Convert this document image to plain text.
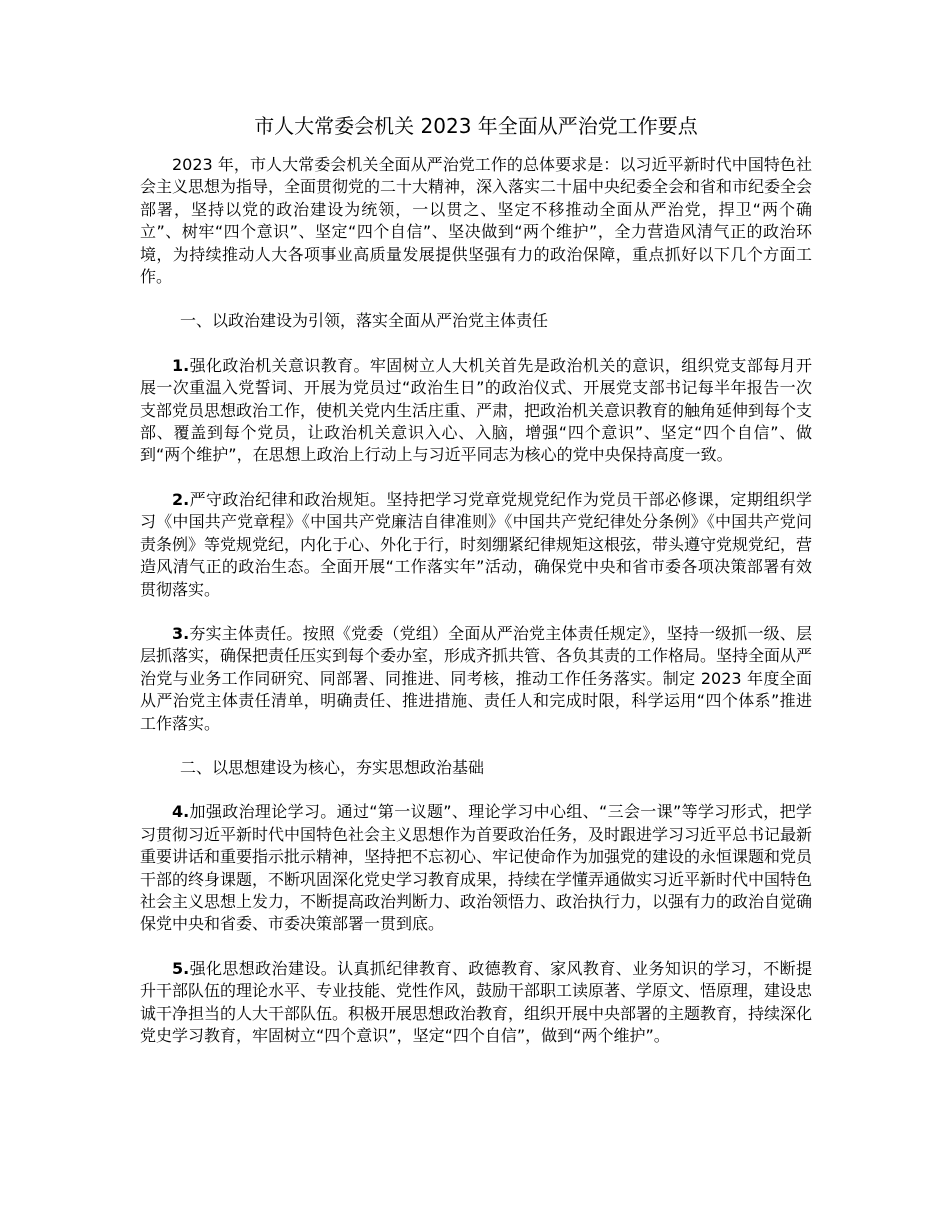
市人大常委会机关 2023 年全面从严治党工作要点

2023 年，市人大常委会机关全面从严治党工作的总体要求是：以习近平新时代中国特色社会主义思想为指导，全面贯彻党的二十大精神，深入落实二十届中央纪委全会和省和市纪委全会部署，坚持以党的政治建设为统领，一以贯之、坚定不移推动全面从严治党，捍卫“两个确立”、树牢“四个意识”、坚定“四个自信”、坚决做到“两个维护”，全力营造风清气正的政治环境，为持续推动人大各项事业高质量发展提供坚强有力的政治保障，重点抓好以下几个方面工作。

一、以政治建设为引领，落实全面从严治党主体责任

1.强化政治机关意识教育。牢固树立人大机关首先是政治机关的意识，组织党支部每月开展一次重温入党誓词、开展为党员过“政治生日”的政治仪式、开展党支部书记每半年报告一次支部党员思想政治工作，使机关党内生活庄重、严肃，把政治机关意识教育的触角延伸到每个支部、覆盖到每个党员，让政治机关意识入心、入脑，增强“四个意识”、坚定“四个自信”、做到“两个维护”，在思想上政治上行动上与习近平同志为核心的党中央保持高度一致。

2.严守政治纪律和政治规矩。坚持把学习党章党规党纪作为党员干部必修课，定期组织学习《中国共产党章程》《中国共产党廉洁自律准则》《中国共产党纪律处分条例》《中国共产党问责条例》等党规党纪，内化于心、外化于行，时刻绷紧纪律规矩这根弦，带头遵守党规党纪，营造风清气正的政治生态。全面开展“工作落实年”活动，确保党中央和省市委各项决策部署有效贯彻落实。

3.夯实主体责任。按照《党委（党组）全面从严治党主体责任规定》，坚持一级抓一级、层层抓落实，确保把责任压实到每个委办室，形成齐抓共管、各负其责的工作格局。坚持全面从严治党与业务工作同研究、同部署、同推进、同考核，推动工作任务落实。制定 2023 年度全面从严治党主体责任清单，明确责任、推进措施、责任人和完成时限，科学运用“四个体系”推进工作落实。

二、以思想建设为核心，夯实思想政治基础

4.加强政治理论学习。通过“第一议题”、理论学习中心组、“三会一课”等学习形式，把学习贯彻习近平新时代中国特色社会主义思想作为首要政治任务，及时跟进学习习近平总书记最新重要讲话和重要指示批示精神，坚持把不忘初心、牢记使命作为加强党的建设的永恒课题和党员干部的终身课题，不断巩固深化党史学习教育成果，持续在学懂弄通做实习近平新时代中国特色社会主义思想上发力，不断提高政治判断力、政治领悟力、政治执行力，以强有力的政治自觉确保党中央和省委、市委决策部署一贯到底。

5.强化思想政治建设。认真抓纪律教育、政德教育、家风教育、业务知识的学习，不断提升干部队伍的理论水平、专业技能、党性作风，鼓励干部职工读原著、学原文、悟原理，建设忠诚干净担当的人大干部队伍。积极开展思想政治教育，组织开展中央部署的主题教育，持续深化党史学习教育，牢固树立“四个意识”，坚定“四个自信”，做到“两个维护”。
